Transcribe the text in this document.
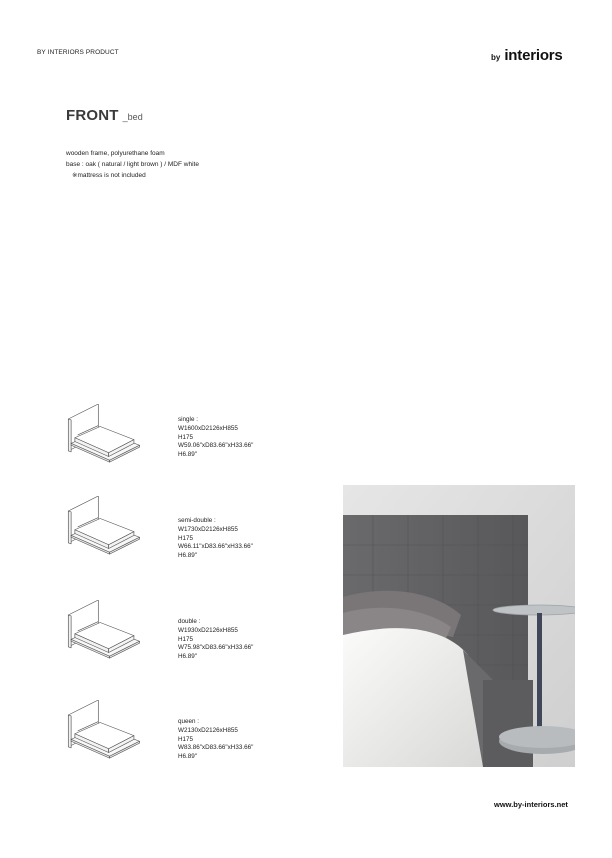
BY INTERIORS PRODUCT
by interiors
FRONT _bed
wooden frame, polyurethane foam
base : oak ( natural / light brown ) / MDF white
※mattress is not included
single :
W1600xD2126xH855
H175
W59.06"xD83.66"xH33.66"
H6.89"
semi-double :
W1730xD2126xH855
H175
W66.11"xD83.66"xH33.66"
H6.89"
double :
W1930xD2126xH855
H175
W75.98"xD83.66"xH33.66"
H6.89"
queen :
W2130xD2126xH855
H175
W83.86"xD83.66"xH33.66"
H6.89"
www.by-interiors.net
